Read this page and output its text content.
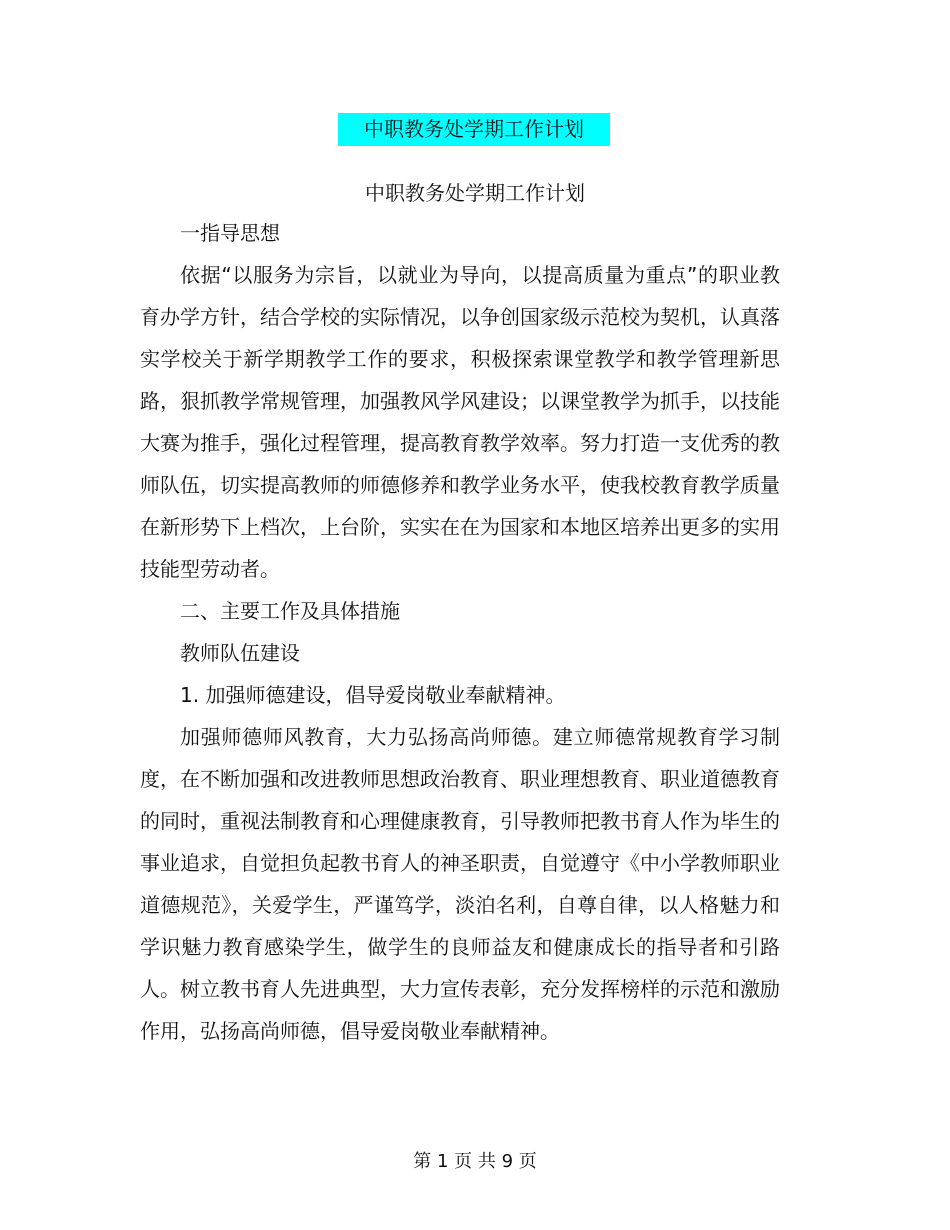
中职教务处学期工作计划
中职教务处学期工作计划

一指导思想

依据“以服务为宗旨，以就业为导向，以提高质量为重点”的职业教育办学方针，结合学校的实际情况，以争创国家级示范校为契机，认真落实学校关于新学期教学工作的要求，积极探索课堂教学和教学管理新思路，狠抓教学常规管理，加强教风学风建设；以课堂教学为抓手，以技能大赛为推手，强化过程管理，提高教育教学效率。努力打造一支优秀的教师队伍，切实提高教师的师德修养和教学业务水平，使我校教育教学质量在新形势下上档次，上台阶，实实在在为国家和本地区培养出更多的实用技能型劳动者。

二、主要工作及具体措施

教师队伍建设

1. 加强师德建设，倡导爱岗敬业奉献精神。

加强师德师风教育，大力弘扬高尚师德。建立师德常规教育学习制度，在不断加强和改进教师思想政治教育、职业理想教育、职业道德教育的同时，重视法制教育和心理健康教育，引导教师把教书育人作为毕生的事业追求，自觉担负起教书育人的神圣职责，自觉遵守《中小学教师职业道德规范》，关爱学生，严谨笃学，淡泊名利，自尊自律，以人格魅力和学识魅力教育感染学生，做学生的良师益友和健康成长的指导者和引路人。树立教书育人先进典型，大力宣传表彰，充分发挥榜样的示范和激励作用，弘扬高尚师德，倡导爱岗敬业奉献精神。

第 1 页 共 9 页
